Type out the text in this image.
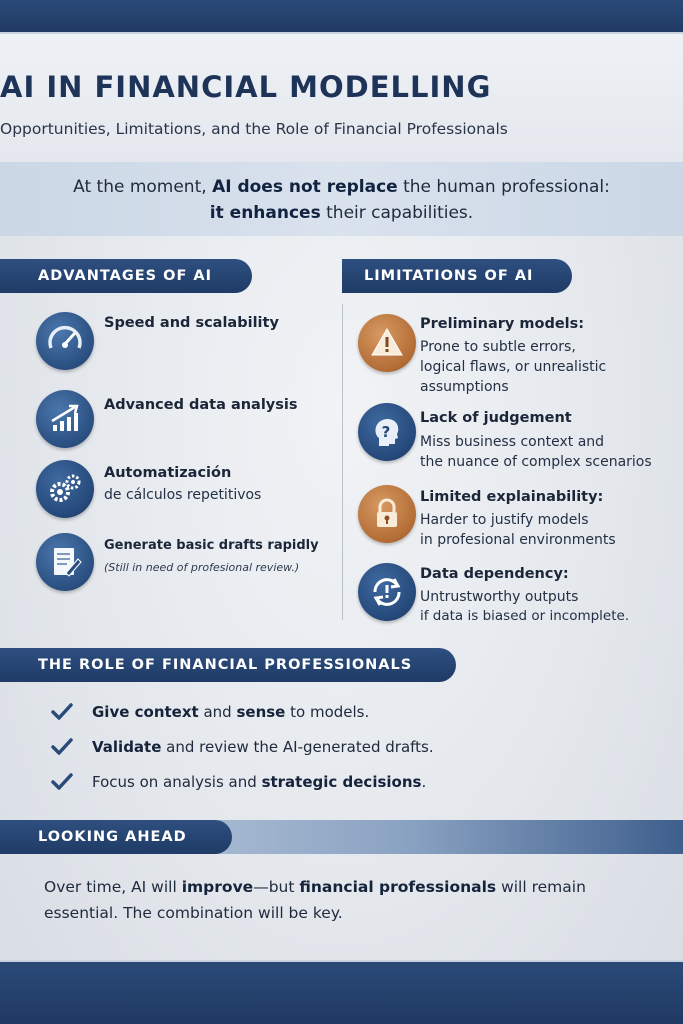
AI IN FINANCIAL MODELLING
Opportunities, Limitations, and the Role of Financial Professionals
At the moment, AI does not replace the human professional:
it enhances their capabilities.
ADVANTAGES OF AI
Speed and scalability
Advanced data analysis
Automatización
de cálculos repetitivos
Generate basic drafts rapidly
(Still in need of profesional review.)
LIMITATIONS OF AI
Preliminary models:
Prone to subtle errors,
logical flaws, or unrealistic
assumptions
?
Lack of judgement
Miss business context and
the nuance of complex scenarios
Limited explainability:
Harder to justify models
in profesional environments
Data dependency:
Untrustworthy outputs
if data is biased or incomplete.
THE ROLE OF FINANCIAL PROFESSIONALS
Give context and sense to models.
Validate and review the AI-generated drafts.
Focus on analysis and strategic decisions.
LOOKING AHEAD
Over time, AI will improve—but financial professionals will remain essential. The combination will be key.
